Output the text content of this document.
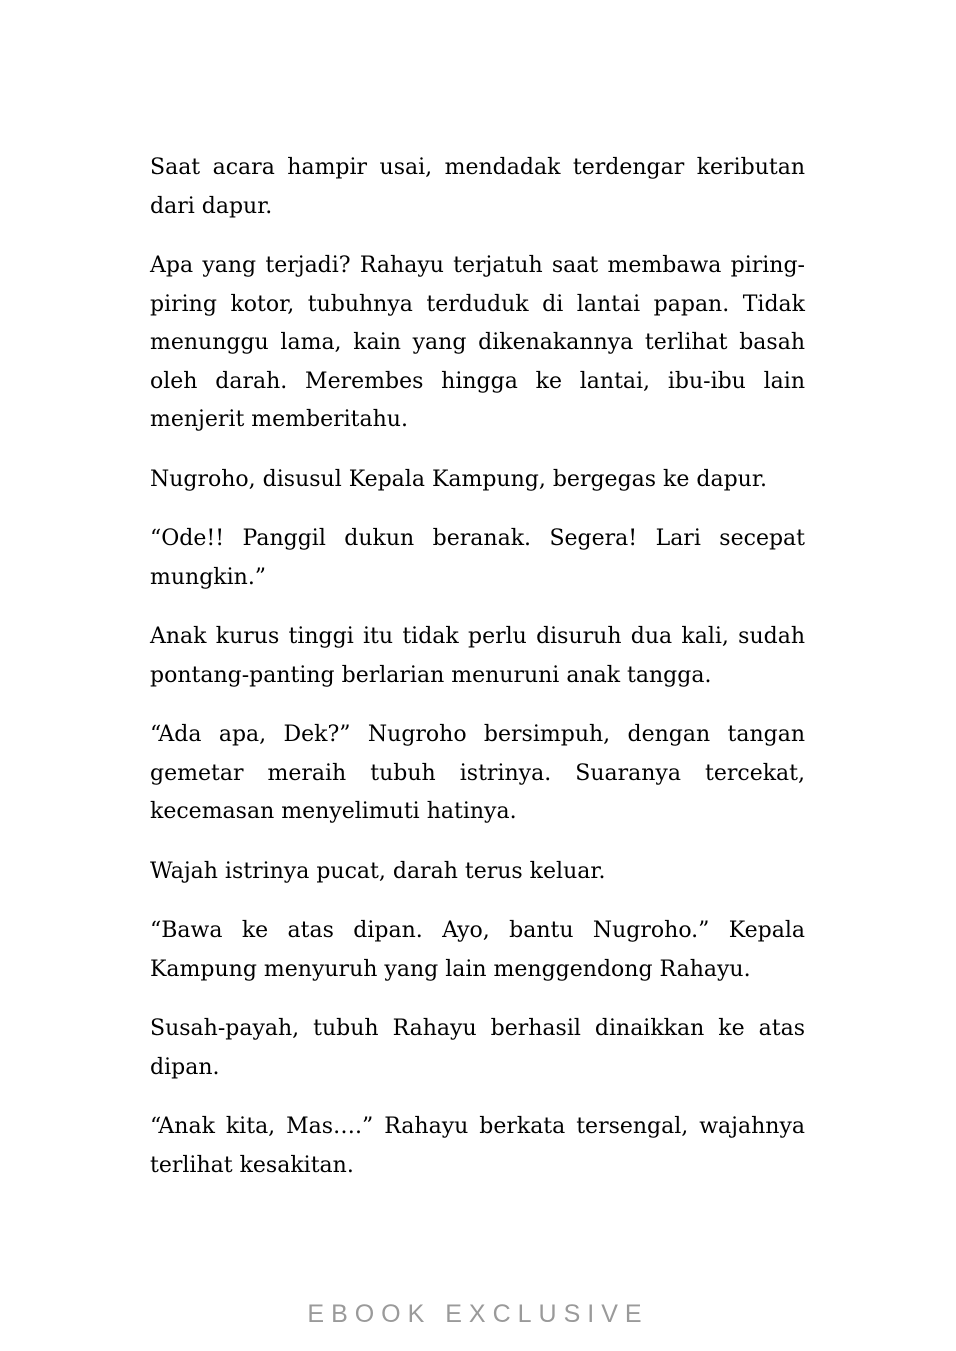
Saat acara hampir usai, mendadak terdengar keributan dari dapur.

Apa yang terjadi? Rahayu terjatuh saat membawa piring-piring kotor, tubuhnya terduduk di lantai papan. Tidak menunggu lama, kain yang dikenakannya terlihat basah oleh darah. Merembes hingga ke lantai, ibu-ibu lain menjerit memberitahu.

Nugroho, disusul Kepala Kampung, bergegas ke dapur.

“Ode!! Panggil dukun beranak. Segera! Lari secepat mungkin.”

Anak kurus tinggi itu tidak perlu disuruh dua kali, sudah pontang-panting berlarian menuruni anak tangga.

“Ada apa, Dek?” Nugroho bersimpuh, dengan tangan gemetar meraih tubuh istrinya. Suaranya tercekat, kecemasan menyelimuti hatinya.

Wajah istrinya pucat, darah terus keluar.

“Bawa ke atas dipan. Ayo, bantu Nugroho.” Kepala Kampung menyuruh yang lain menggendong Rahayu.

Susah-payah, tubuh Rahayu berhasil dinaikkan ke atas dipan.

“Anak kita, Mas….” Rahayu berkata tersengal, wajahnya terlihat kesakitan.

EBOOK EXCLUSIVE
